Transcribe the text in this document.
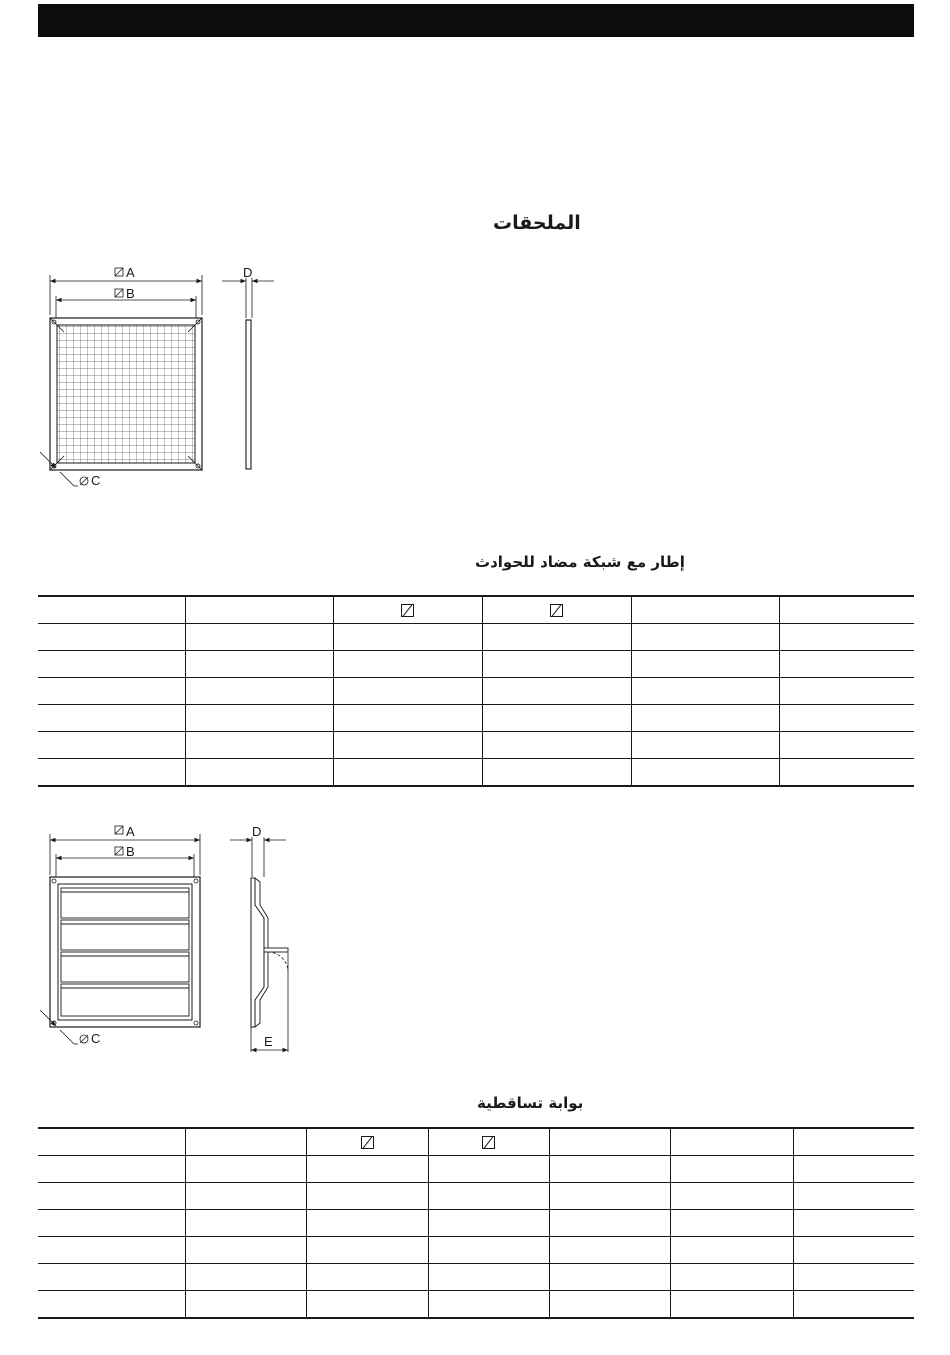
الملحقات
A
B
C
D
إطار مع شبكة مضاد للحوادث

A
B
C
D
E
بوابة تساقطية
